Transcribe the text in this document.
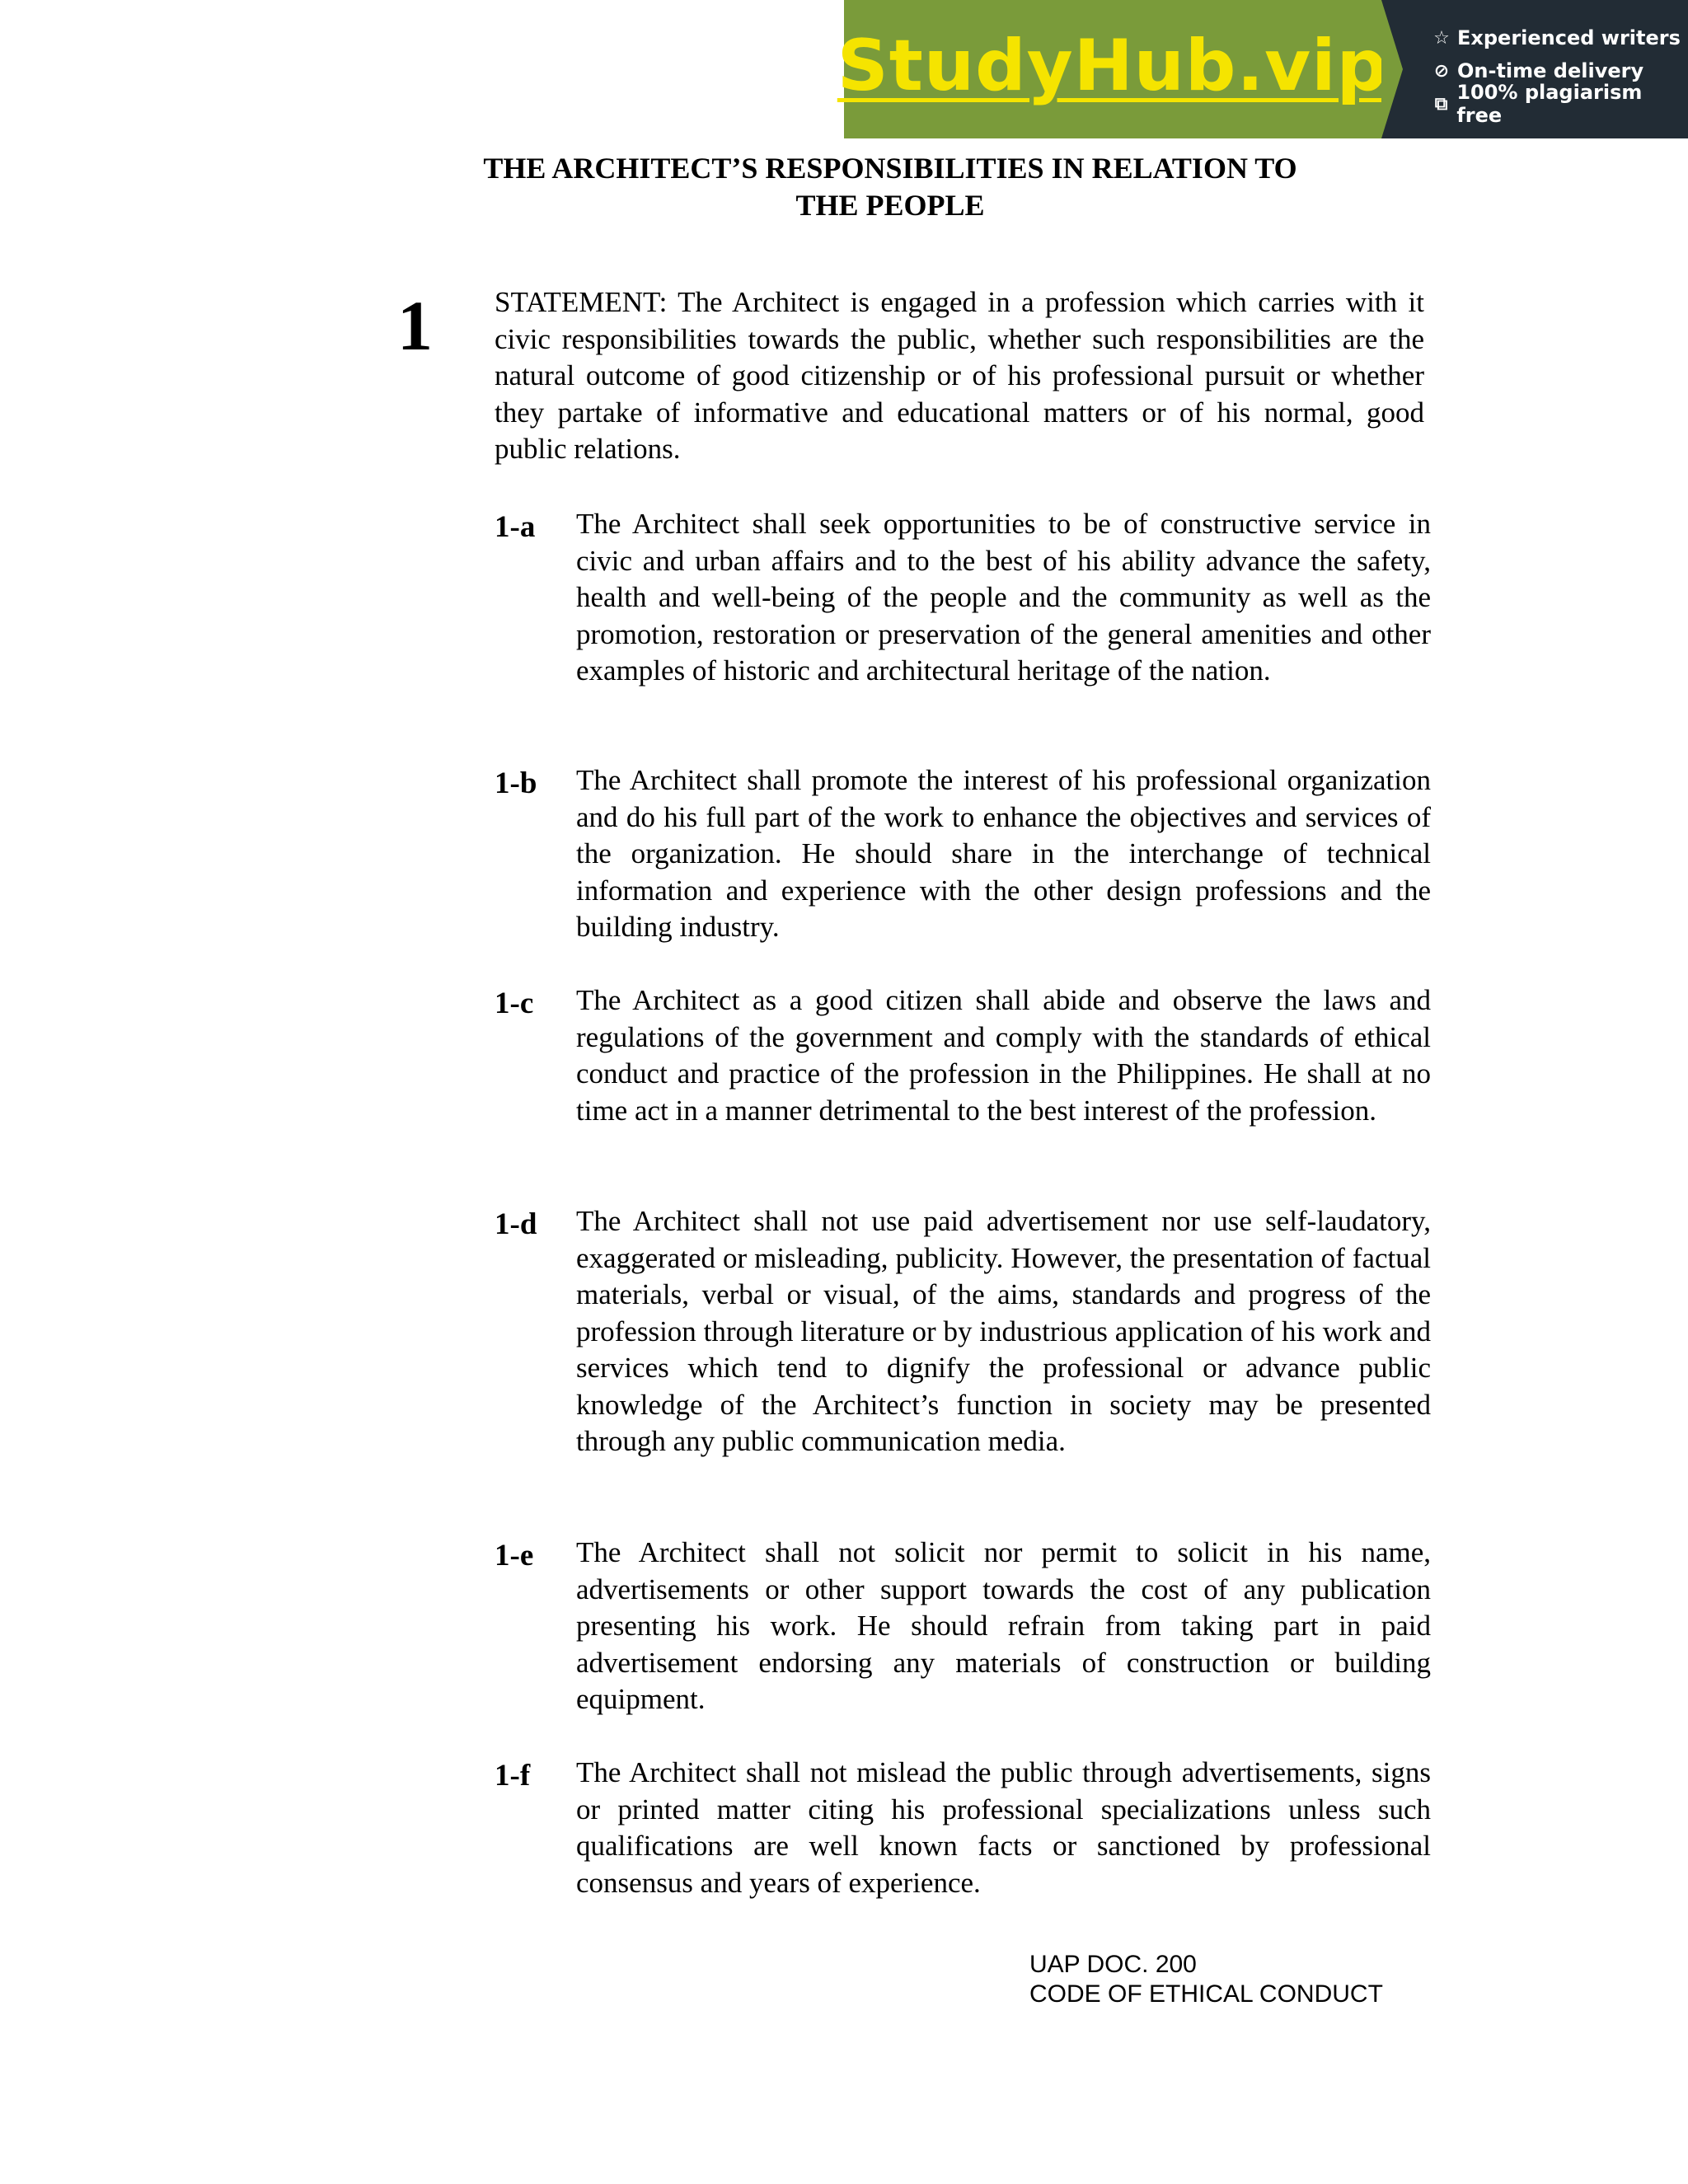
StudyHub.vip ☆ Experienced writers
⊘ On-time delivery
⧉ 100% plagiarism free
THE ARCHITECT’S RESPONSIBILITIES IN RELATION TO
THE PEOPLE
1 STATEMENT: The Architect is engaged in a profession which carries with it civic responsibilities towards the public, whether such responsibilities are the natural outcome of good citizenship or of his professional pursuit or whether they partake of informative and educational matters or of his normal, good public relations.
1-a The Architect shall seek opportunities to be of constructive service in civic and urban affairs and to the best of his ability advance the safety, health and well-being of the people and the community as well as the promotion, restoration or preservation of the general amenities and other examples of historic and architectural heritage of the nation.
1-b The Architect shall promote the interest of his professional organization and do his full part of the work to enhance the objectives and services of the organization. He should share in the interchange of technical information and experience with the other design professions and the building industry.
1-c The Architect as a good citizen shall abide and observe the laws and regulations of the government and comply with the standards of ethical conduct and practice of the profession in the Philippines. He shall at no time act in a manner detrimental to the best interest of the profession.
1-d The Architect shall not use paid advertisement nor use self-laudatory, exaggerated or misleading, publicity. However, the presentation of factual materials, verbal or visual, of the aims, standards and progress of the profession through literature or by industrious application of his work and services which tend to dignify the professional or advance public knowledge of the Architect’s function in society may be presented through any public communication media.
1-e The Architect shall not solicit nor permit to solicit in his name, advertisements or other support towards the cost of any publication presenting his work. He should refrain from taking part in paid advertisement endorsing any materials of construction or building equipment.
1-f The Architect shall not mislead the public through advertisements, signs or printed matter citing his professional specializations unless such qualifications are well known facts or sanctioned by professional consensus and years of experience.
UAP DOC. 200
CODE OF ETHICAL CONDUCT
